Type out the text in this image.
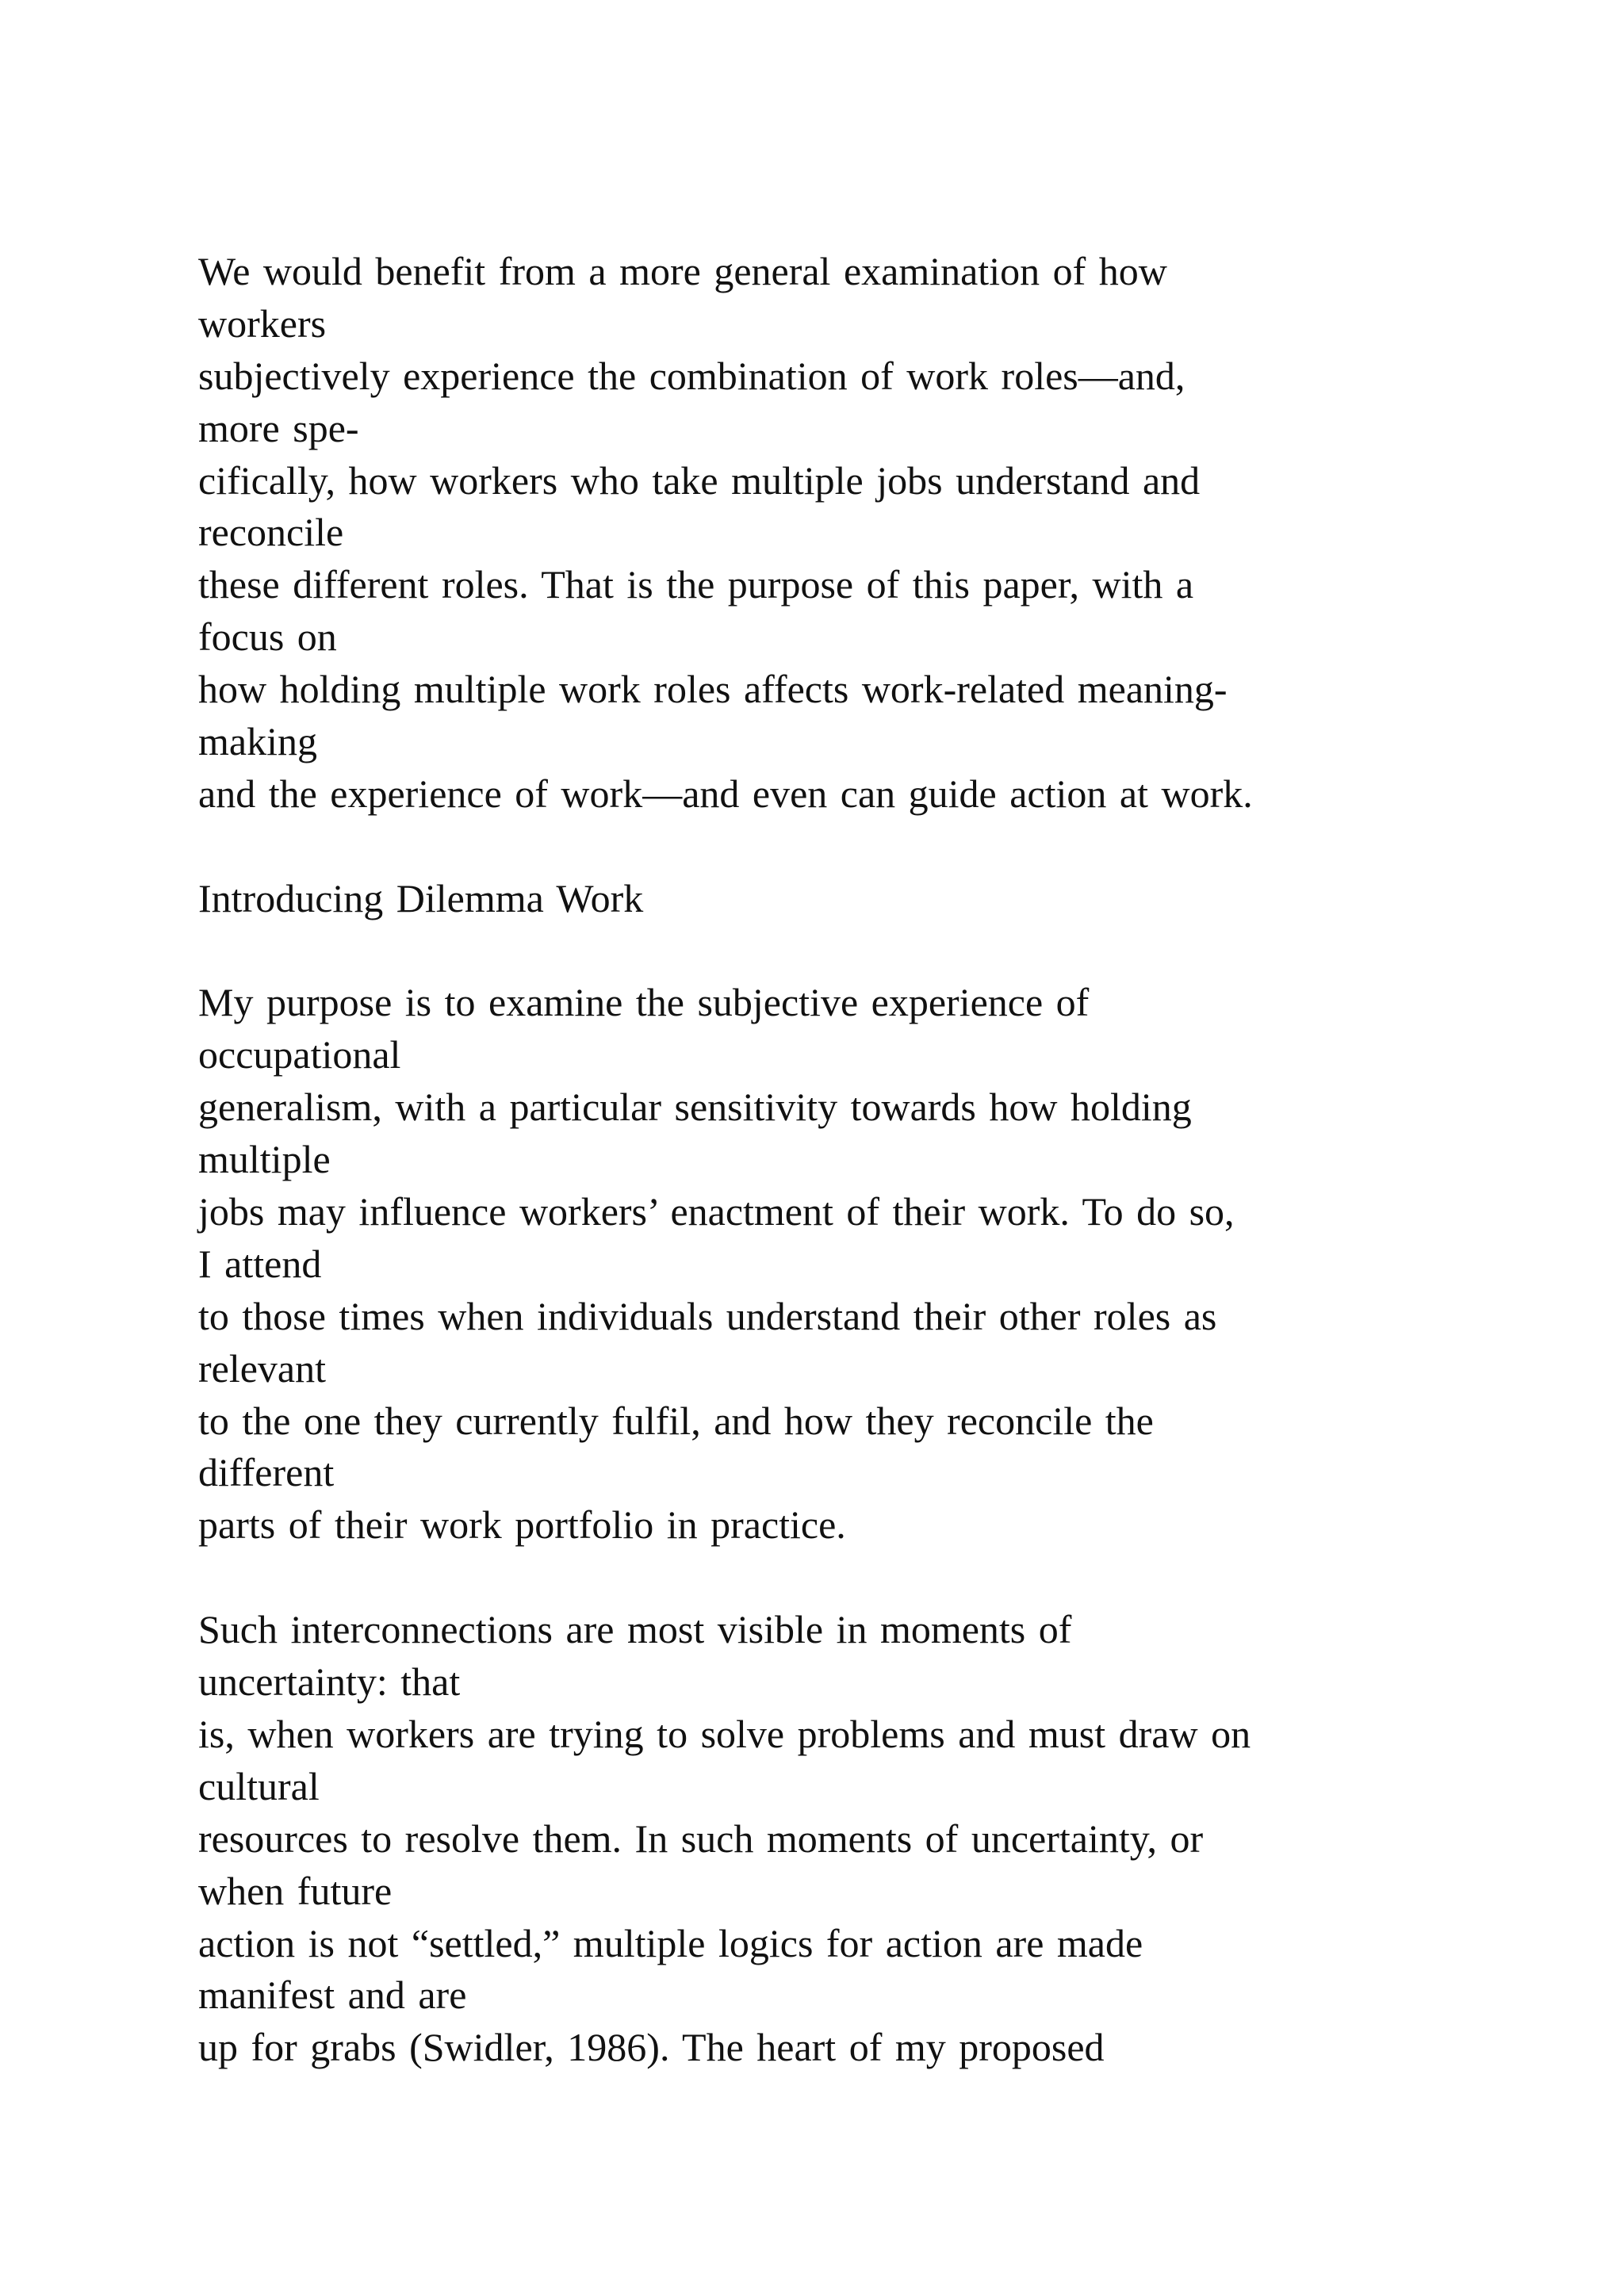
We would benefit from a more general examination of how
workers
subjectively experience the combination of work roles—and,
more spe-
cifically, how workers who take multiple jobs understand and
reconcile
these different roles. That is the purpose of this paper, with a
focus on
how holding multiple work roles affects work-related meaning-
making
and the experience of work—and even can guide action at work.
Introducing Dilemma Work
My purpose is to examine the subjective experience of
occupational
generalism, with a particular sensitivity towards how holding
multiple
jobs may influence workers’ enactment of their work. To do so,
I attend
to those times when individuals understand their other roles as
relevant
to the one they currently fulfil, and how they reconcile the
different
parts of their work portfolio in practice.
Such interconnections are most visible in moments of
uncertainty: that
is, when workers are trying to solve problems and must draw on
cultural
resources to resolve them. In such moments of uncertainty, or
when future
action is not “settled,” multiple logics for action are made
manifest and are
up for grabs (Swidler, 1986). The heart of my proposed
